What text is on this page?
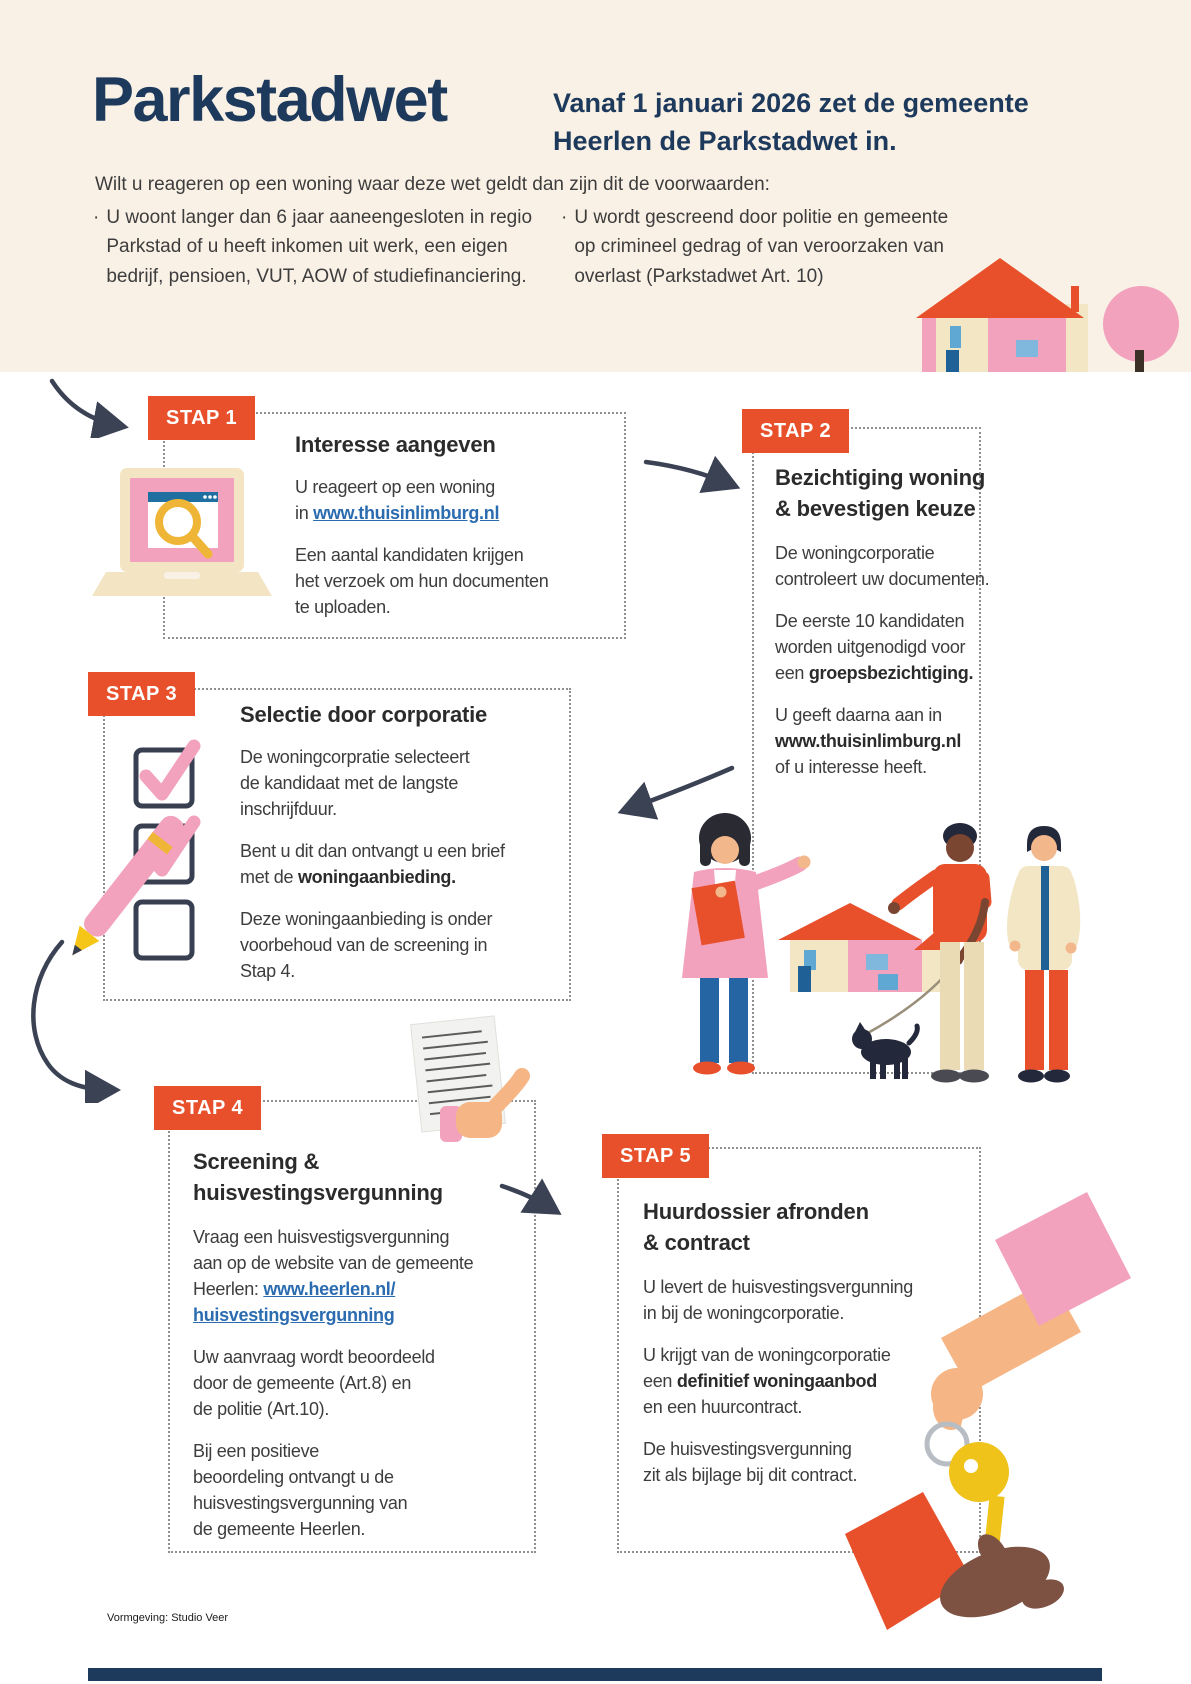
Parkstadwet	Vanaf 1 januari 2026 zet de gemeente
Heerlen de Parkstadwet in.
Wilt u reageren op een woning waar deze wet geldt dan zijn dit de voorwaarden:
· U woont langer dan 6 jaar aaneengesloten in regio Parkstad of u heeft inkomen uit werk, een eigen bedrijf, pensioen, VUT, AOW of studiefinanciering.
· U wordt gescreend door politie en gemeente op crimineel gedrag of van veroorzaken van overlast (Parkstadwet Art. 10)
STAP 1
STAP 2
STAP 3
STAP 4
STAP 5
Interesse aangeven

U reageert op een woning
in www.thuisinlimburg.nl

Een aantal kandidaten krijgen
het verzoek om hun documenten
te uploaden.

Bezichtiging woning
& bevestigen keuze

De woningcorporatie
controleert uw documenten.

De eerste 10 kandidaten
worden uitgenodigd voor
een groepsbezichtiging.

U geeft daarna aan in
www.thuisinlimburg.nl
of u interesse heeft.

Selectie door corporatie

De woningcorpratie selecteert
de kandidaat met de langste
inschrijfduur.

Bent u dit dan ontvangt u een brief
met de woningaanbieding.

Deze woningaanbieding is onder
voorbehoud van de screening in
Stap 4.

Screening &
huisvestingsvergunning

Vraag een huisvestigsvergunning
aan op de website van de gemeente
Heerlen: www.heerlen.nl/
huisvestingsvergunning

Uw aanvraag wordt beoordeeld
door de gemeente (Art.8) en
de politie (Art.10).

Bij een positieve
beoordeling ontvangt u de
huisvestingsvergunning van
de gemeente Heerlen.

Huurdossier afronden
& contract

U levert de huisvestingsvergunning
in bij de woningcorporatie.

U krijgt van de woningcorporatie
een definitief woningaanbod
en een huurcontract.

De huisvestingsvergunning
zit als bijlage bij dit contract.

Vormgeving: Studio Veer
